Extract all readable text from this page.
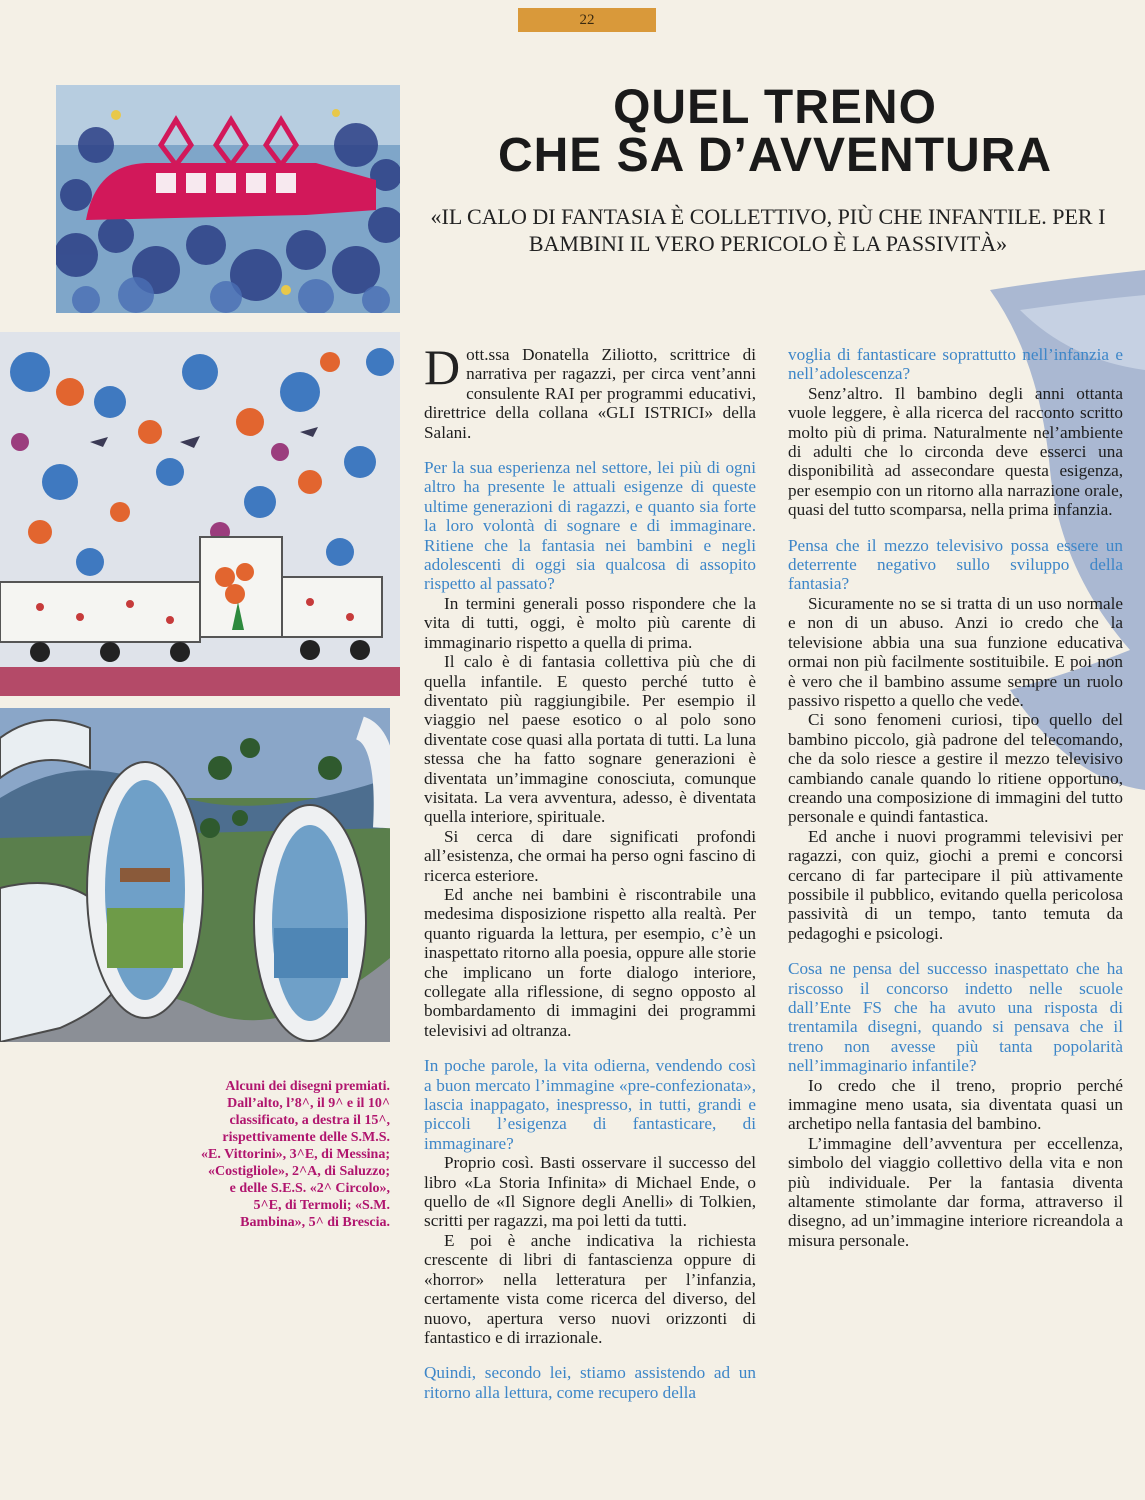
22
Alcuni dei disegni premiati. Dall’alto, l’8^, il 9^ e il 10^ classificato, a destra il 15^, rispettivamente delle S.M.S. «E. Vittorini», 3^E, di Messina; «Costigliole», 2^A, di Saluzzo; e delle S.E.S. «2^ Circolo», 5^E, di Termoli; «S.M. Bambina», 5^ di Brescia.
QUEL TRENO
CHE SA D’AVVENTURA
«IL CALO DI FANTASIA È COLLETTIVO, PIÙ CHE INFANTILE. PER I BAMBINI IL VERO PERICOLO È LA PASSIVITÀ»

Dott.ssa Donatella Ziliotto, scrittrice di narrativa per ragazzi, per circa vent’anni consulente RAI per programmi educativi, direttrice della collana «GLI ISTRICI» della Salani.

Per la sua esperienza nel settore, lei più di ogni altro ha presente le attuali esigenze di queste ultime generazioni di ragazzi, e quanto sia forte la loro volontà di sognare e di immaginare. Ritiene che la fantasia nei bambini e negli adolescenti di oggi sia qualcosa di assopito rispetto al passato?

In termini generali posso rispondere che la vita di tutti, oggi, è molto più carente di immaginario rispetto a quella di prima.

Il calo è di fantasia collettiva più che di quella infantile. E questo perché tutto è diventato più raggiungibile. Per esempio il viaggio nel paese esotico o al polo sono diventate cose quasi alla portata di tutti. La luna stessa che ha fatto sognare generazioni è diventata un’immagine conosciuta, comunque visitata. La vera avventura, adesso, è diventata quella interiore, spirituale.

Si cerca di dare significati profondi all’esistenza, che ormai ha perso ogni fascino di ricerca esteriore.

Ed anche nei bambini è riscontrabile una medesima disposizione rispetto alla realtà. Per quanto riguarda la lettura, per esempio, c’è un inaspettato ritorno alla poesia, oppure alle storie che implicano un forte dialogo interiore, collegate alla riflessione, di segno opposto al bombardamento di immagini dei programmi televisivi ad oltranza.

In poche parole, la vita odierna, vendendo così a buon mercato l’immagine «pre-confezionata», lascia inappagato, inespresso, in tutti, grandi e piccoli l’esigenza di fantasticare, di immaginare?

Proprio così. Basti osservare il successo del libro «La Storia Infinita» di Michael Ende, o quello de «Il Signore degli Anelli» di Tolkien, scritti per ragazzi, ma poi letti da tutti.

E poi è anche indicativa la richiesta crescente di libri di fantascienza oppure di «horror» nella letteratura per l’infanzia, certamente vista come ricerca del diverso, del nuovo, apertura verso nuovi orizzonti di fantastico e di irrazionale.

Quindi, secondo lei, stiamo assistendo ad un ritorno alla lettura, come recupero della

voglia di fantasticare soprattutto nell’infanzia e nell’adolescenza?

Senz’altro. Il bambino degli anni ottanta vuole leggere, è alla ricerca del racconto scritto molto più di prima. Naturalmente nel’ambiente di adulti che lo circonda deve esserci una disponibilità ad assecondare questa esigenza, per esempio con un ritorno alla narrazione orale, quasi del tutto scomparsa, nella prima infanzia.

Pensa che il mezzo televisivo possa essere un deterrente negativo sullo sviluppo della fantasia?

Sicuramente no se si tratta di un uso normale e non di un abuso. Anzi io credo che la televisione abbia una sua funzione educativa ormai non più facilmente sostituibile. E poi non è vero che il bambino assume sempre un ruolo passivo rispetto a quello che vede.

Ci sono fenomeni curiosi, tipo quello del bambino piccolo, già padrone del telecomando, che da solo riesce a gestire il mezzo televisivo cambiando canale quando lo ritiene opportuno, creando una composizione di immagini del tutto personale e quindi fantastica.

Ed anche i nuovi programmi televisivi per ragazzi, con quiz, giochi a premi e concorsi cercano di far partecipare il più attivamente possibile il pubblico, evitando quella pericolosa passività di un tempo, tanto temuta da pedagoghi e psicologi.

Cosa ne pensa del successo inaspettato che ha riscosso il concorso indetto nelle scuole dall’Ente FS che ha avuto una risposta di trentamila disegni, quando si pensava che il treno non avesse più tanta popolarità nell’immaginario infantile?

Io credo che il treno, proprio perché immagine meno usata, sia diventata quasi un archetipo nella fantasia del bambino.

L’immagine dell’avventura per eccellenza, simbolo del viaggio collettivo della vita e non più individuale. Per la fantasia diventa altamente stimolante dar forma, attraverso il disegno, ad un’immagine interiore ricreandola a misura personale.
